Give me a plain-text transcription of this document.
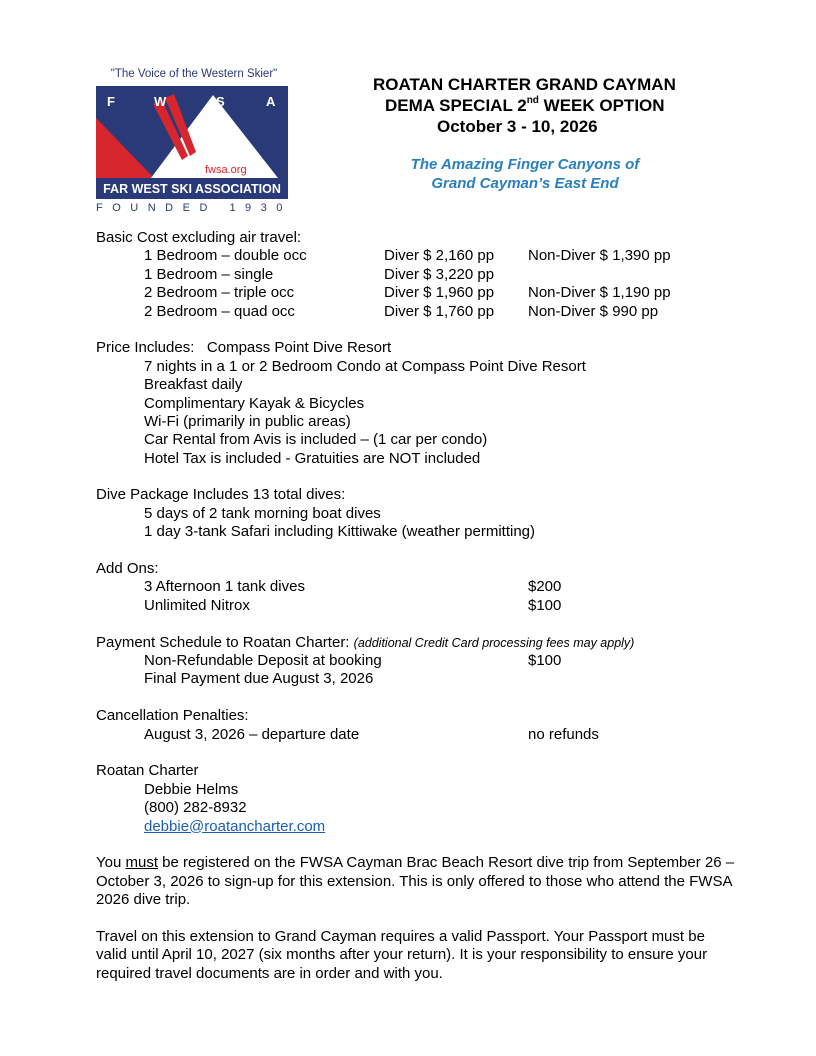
"The Voice of the Western Skier"
F	W	S	A
fwsa.org
FAR WEST SKI ASSOCIATION
FOUNDED 1930
ROATAN CHARTER GRAND CAYMAN
DEMA SPECIAL 2nd WEEK OPTION
October 3 - 10, 2026
The Amazing Finger Canyons of
Grand Cayman’s East End
Basic Cost excluding air travel:
1 Bedroom – double occ	Diver $ 2,160 pp Non-Diver $ 1,390 pp
1 Bedroom – single	Diver $ 3,220 pp
2 Bedroom – triple occ	Diver $ 1,960 pp Non-Diver $ 1,190 pp
2 Bedroom – quad occ	Diver $ 1,760 pp Non-Diver $ 990 pp
Price Includes: Compass Point Dive Resort
7 nights in a 1 or 2 Bedroom Condo at Compass Point Dive Resort
Breakfast daily
Complimentary Kayak & Bicycles
Wi-Fi (primarily in public areas)
Car Rental from Avis is included – (1 car per condo)
Hotel Tax is included - Gratuities are NOT included
Dive Package Includes 13 total dives:
5 days of 2 tank morning boat dives
1 day 3-tank Safari including Kittiwake (weather permitting)
Add Ons:
3 Afternoon 1 tank dives	$200
Unlimited Nitrox	$100
Payment Schedule to Roatan Charter: (additional Credit Card processing fees may apply)
Non-Refundable Deposit at booking	$100
Final Payment due August 3, 2026
Cancellation Penalties:
August 3, 2026 – departure date	no refunds
Roatan Charter
Debbie Helms
(800) 282-8932
debbie@roatancharter.com

You must be registered on the FWSA Cayman Brac Beach Resort dive trip from September 26 – October 3, 2026 to sign-up for this extension. This is only offered to those who attend the FWSA 2026 dive trip.

Travel on this extension to Grand Cayman requires a valid Passport. Your Passport must be valid until April 10, 2027 (six months after your return). It is your responsibility to ensure your required travel documents are in order and with you.
